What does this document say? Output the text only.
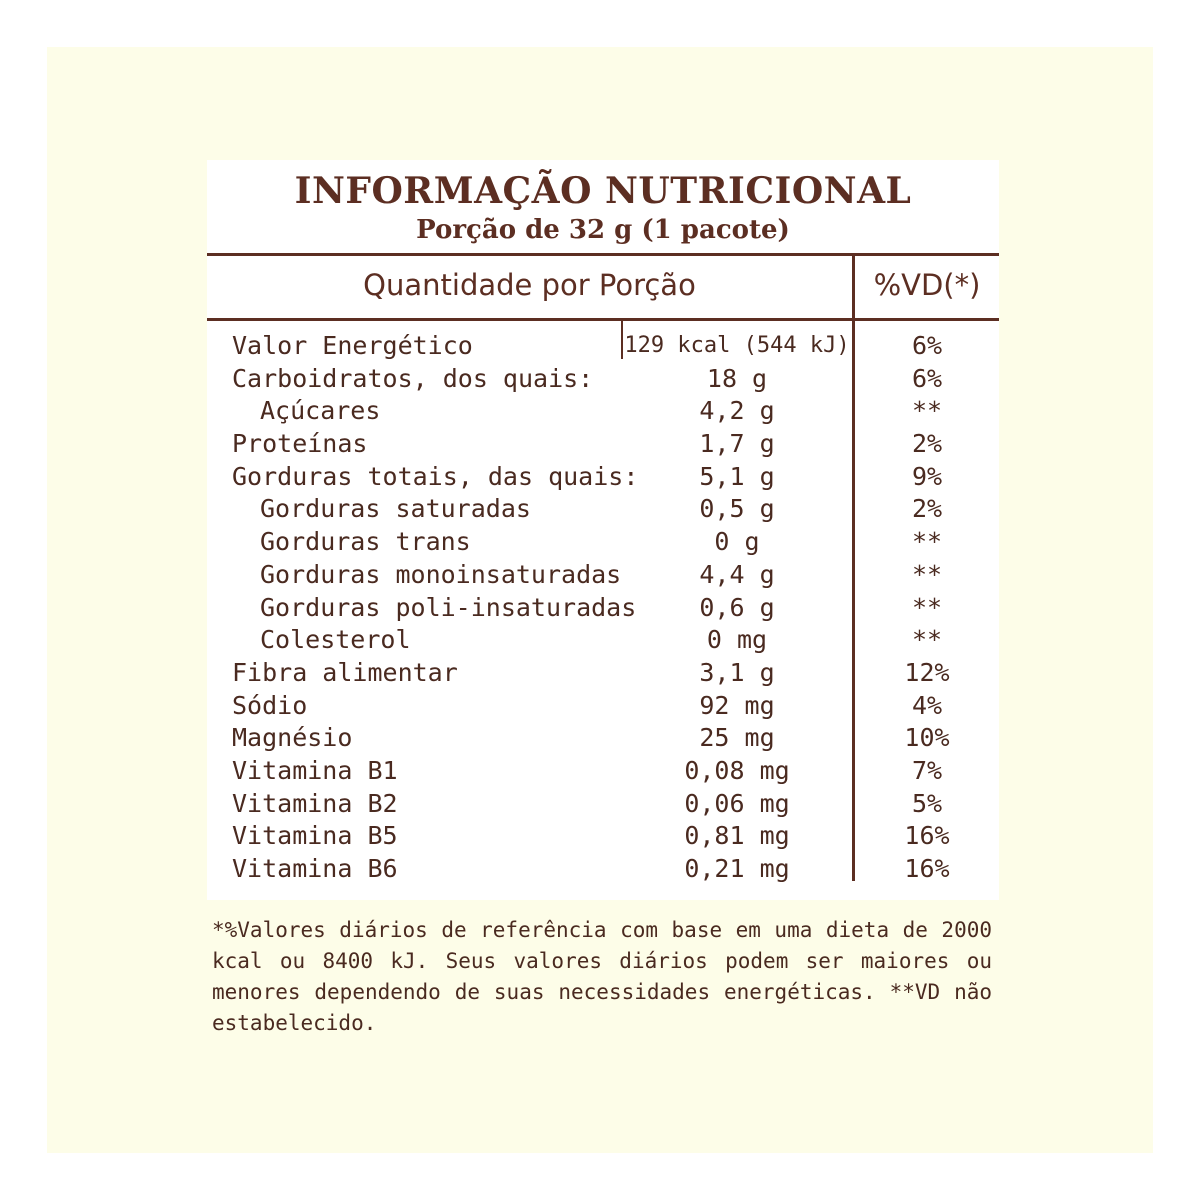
INFORMAÇÃO NUTRICIONAL
Porção de 32 g (1 pacote)
Quantidade por Porção	%VD(*)
Valor Energético	129 kcal (544 kJ)	6%
Carboidratos, dos quais:	18 g	6%
Açúcares	4,2 g	**
Proteínas	1,7 g	2%
Gorduras totais, das quais:	5,1 g	9%
Gorduras saturadas	0,5 g	2%
Gorduras trans	0 g	**
Gorduras monoinsaturadas	4,4 g	**
Gorduras poli-insaturadas	0,6 g	**
Colesterol	0 mg	**
Fibra alimentar	3,1 g	12%
Sódio	92 mg	4%
Magnésio	25 mg	10%
Vitamina B1	0,08 mg	7%
Vitamina B2	0,06 mg	5%
Vitamina B5	0,81 mg	16%
Vitamina B6	0,21 mg	16%
*%Valores diários de referência com base em uma dieta de 2000 kcal ou 8400 kJ. Seus valores diários podem ser maiores ou menores dependendo de suas necessidades energéticas. **VD não estabelecido.
